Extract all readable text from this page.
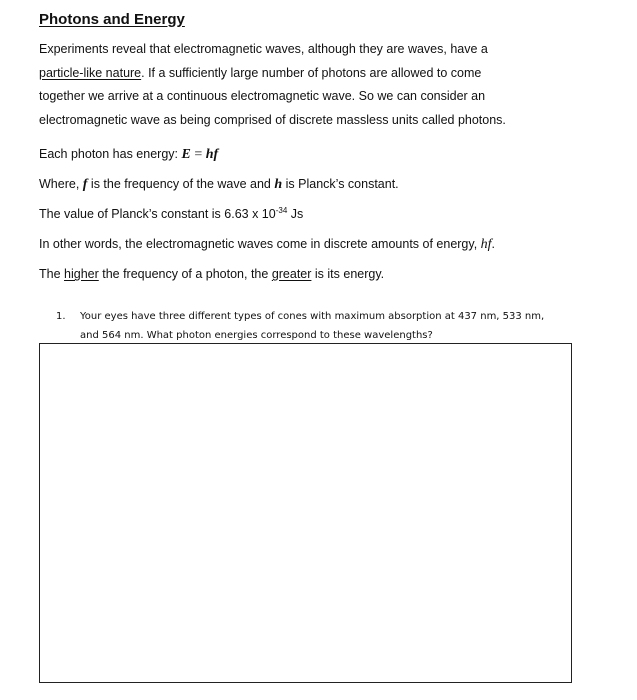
Photons and Energy
Experiments reveal that electromagnetic waves, although they are waves, have a
particle-like nature. If a sufficiently large number of photons are allowed to come
together we arrive at a continuous electromagnetic wave. So we can consider an
electromagnetic wave as being comprised of discrete massless units called photons.
Each photon has energy: E = hf
Where, f is the frequency of the wave and h is Planck’s constant.
The value of Planck’s constant is 6.63 x $10^{-34}$ Js
In other words, the electromagnetic waves come in discrete amounts of energy, hf.
The higher the frequency of a photon, the greater is its energy.
1. Your eyes have three different types of cones with maximum absorption at 437 nm, 533 nm,
and 564 nm. What photon energies correspond to these wavelengths?
